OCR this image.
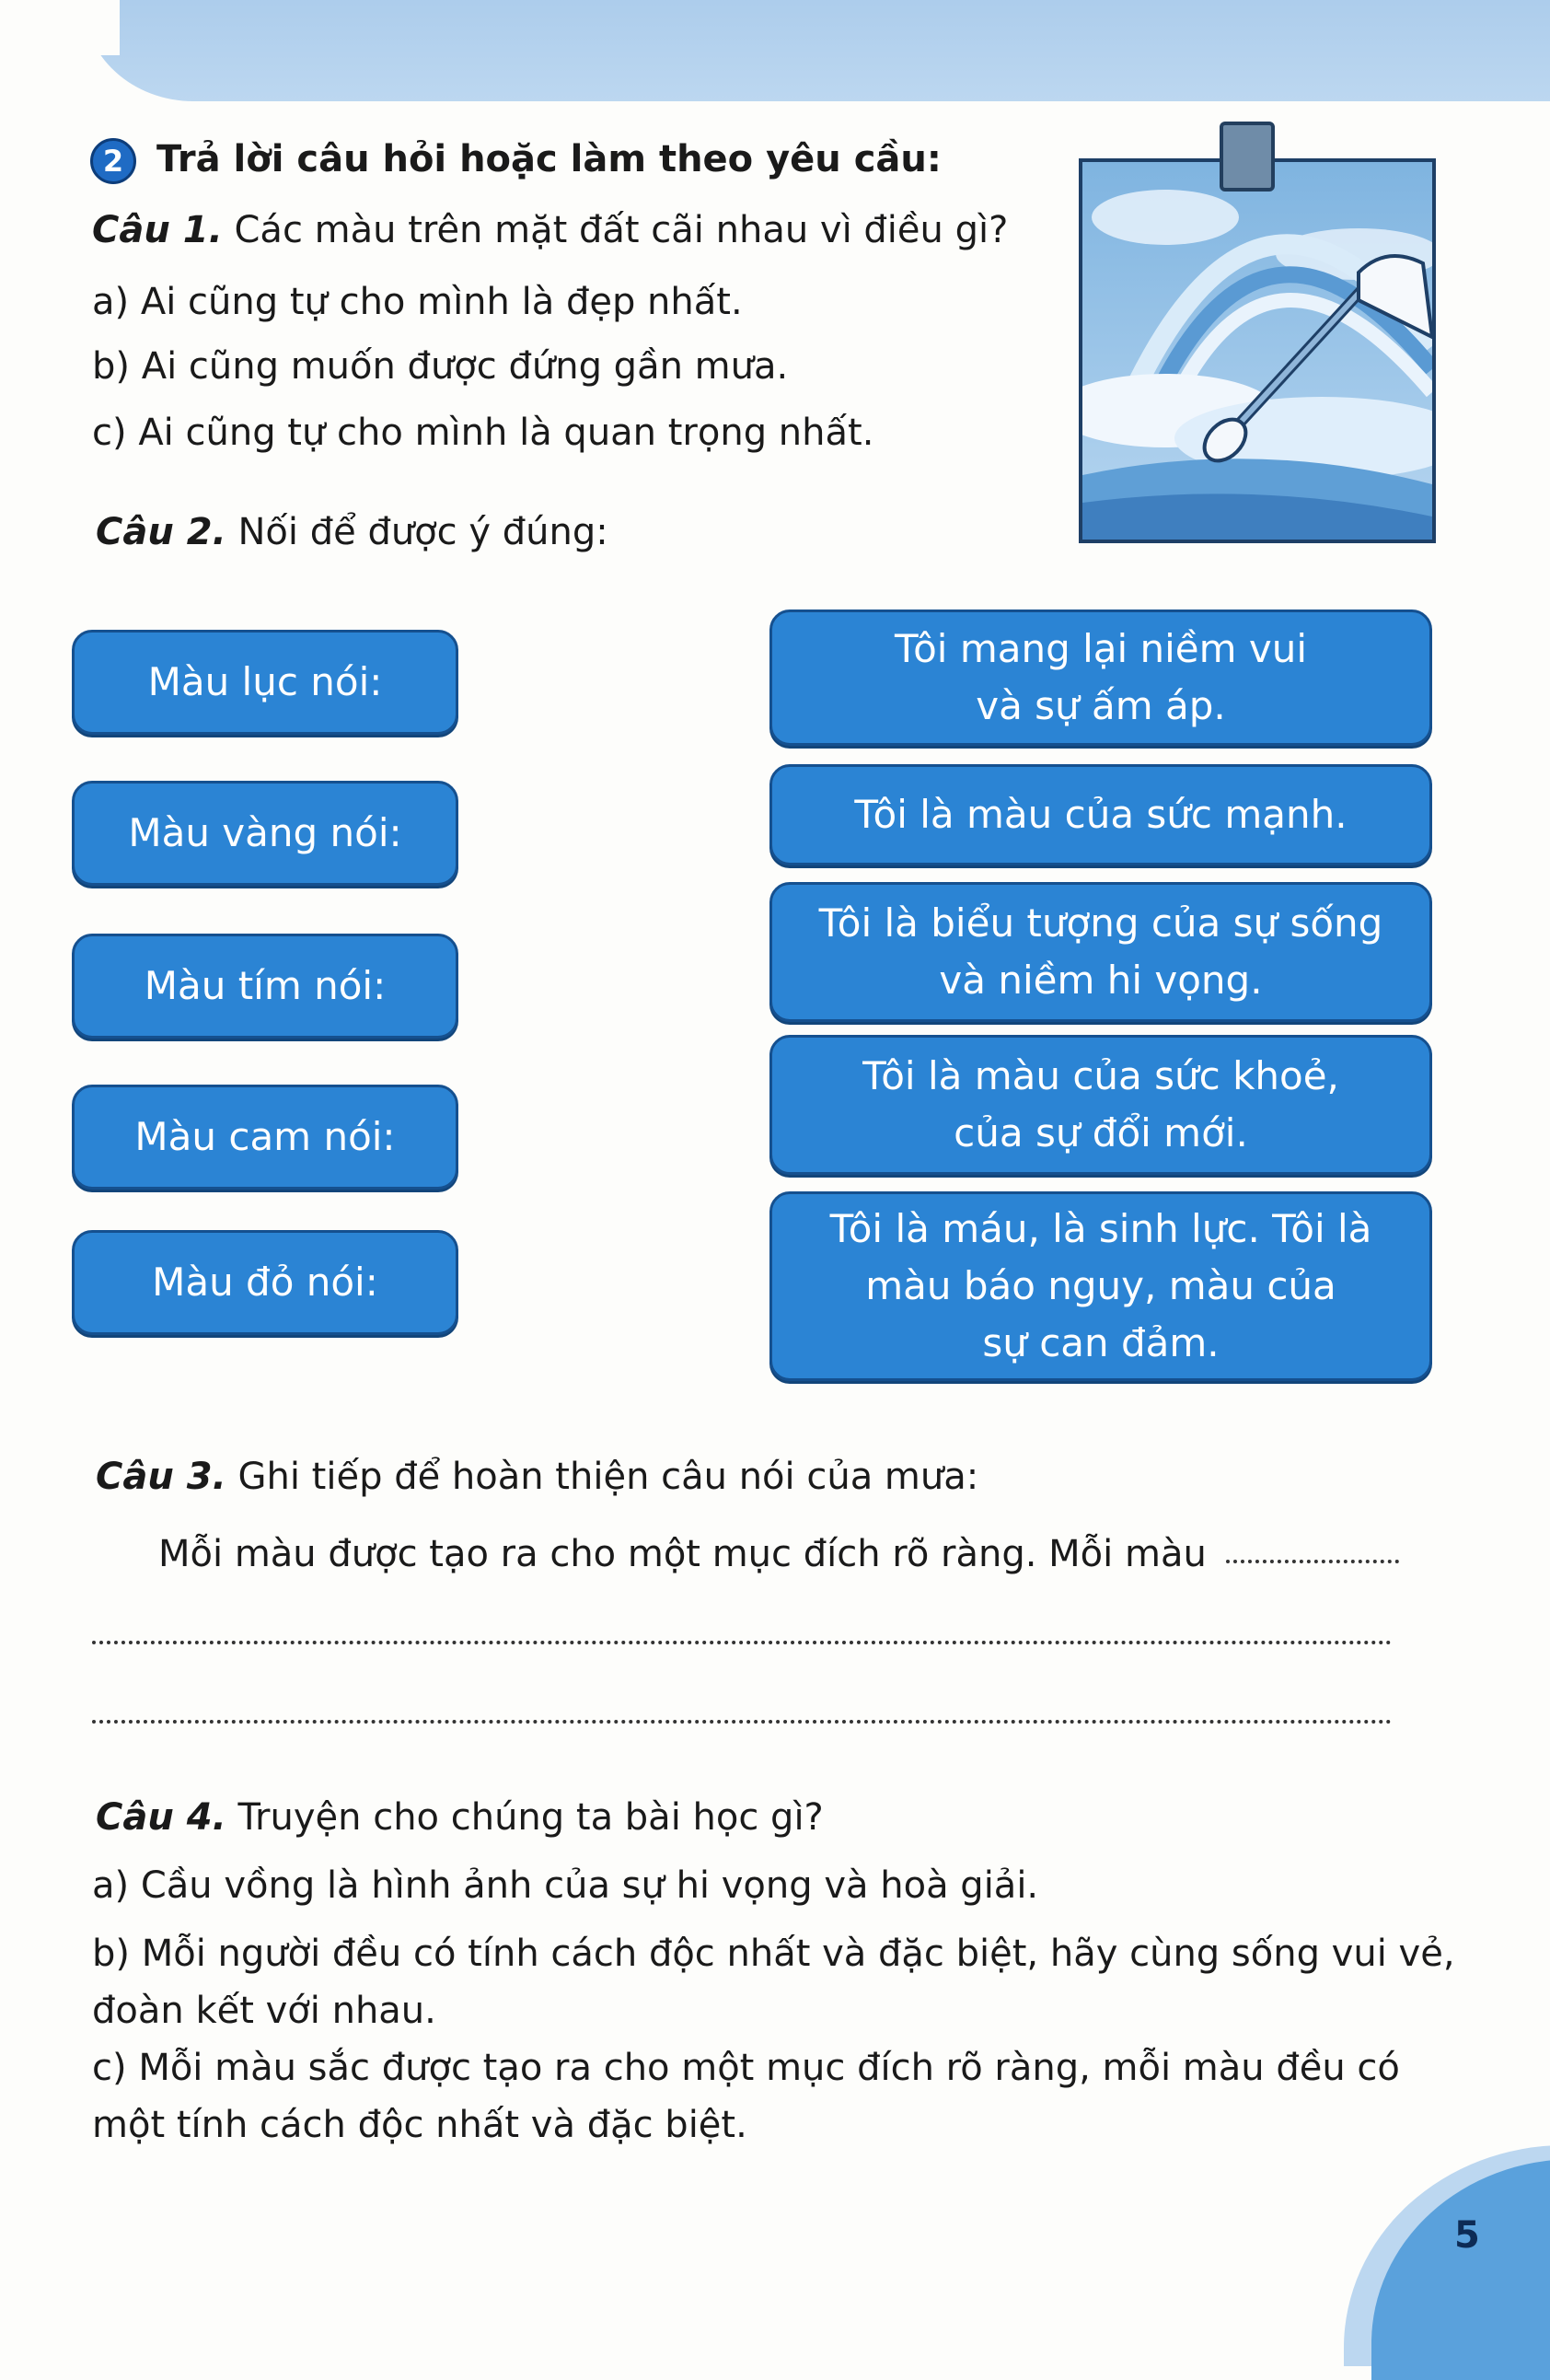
2 Trả lời câu hỏi hoặc làm theo yêu cầu:
Câu 1. Các màu trên mặt đất cãi nhau vì điều gì?
a) Ai cũng tự cho mình là đẹp nhất.
b) Ai cũng muốn được đứng gần mưa.
c) Ai cũng tự cho mình là quan trọng nhất.
Câu 2. Nối để được ý đúng:
Màu lục nói:
Màu vàng nói:
Màu tím nói:
Màu cam nói:
Màu đỏ nói:
Tôi mang lại niềm vui
và sự ấm áp.
Tôi là màu của sức mạnh.
Tôi là biểu tượng của sự sống
và niềm hi vọng.
Tôi là màu của sức khoẻ,
của sự đổi mới.
Tôi là máu, là sinh lực. Tôi là
màu báo nguy, màu của
sự can đảm.
Câu 3. Ghi tiếp để hoàn thiện câu nói của mưa:
Mỗi màu được tạo ra cho một mục đích rõ ràng. Mỗi màu
Câu 4. Truyện cho chúng ta bài học gì?
a) Cầu vồng là hình ảnh của sự hi vọng và hoà giải.
b) Mỗi người đều có tính cách độc nhất và đặc biệt, hãy cùng sống vui vẻ,
đoàn kết với nhau.
c) Mỗi màu sắc được tạo ra cho một mục đích rõ ràng, mỗi màu đều có
một tính cách độc nhất và đặc biệt.
5
